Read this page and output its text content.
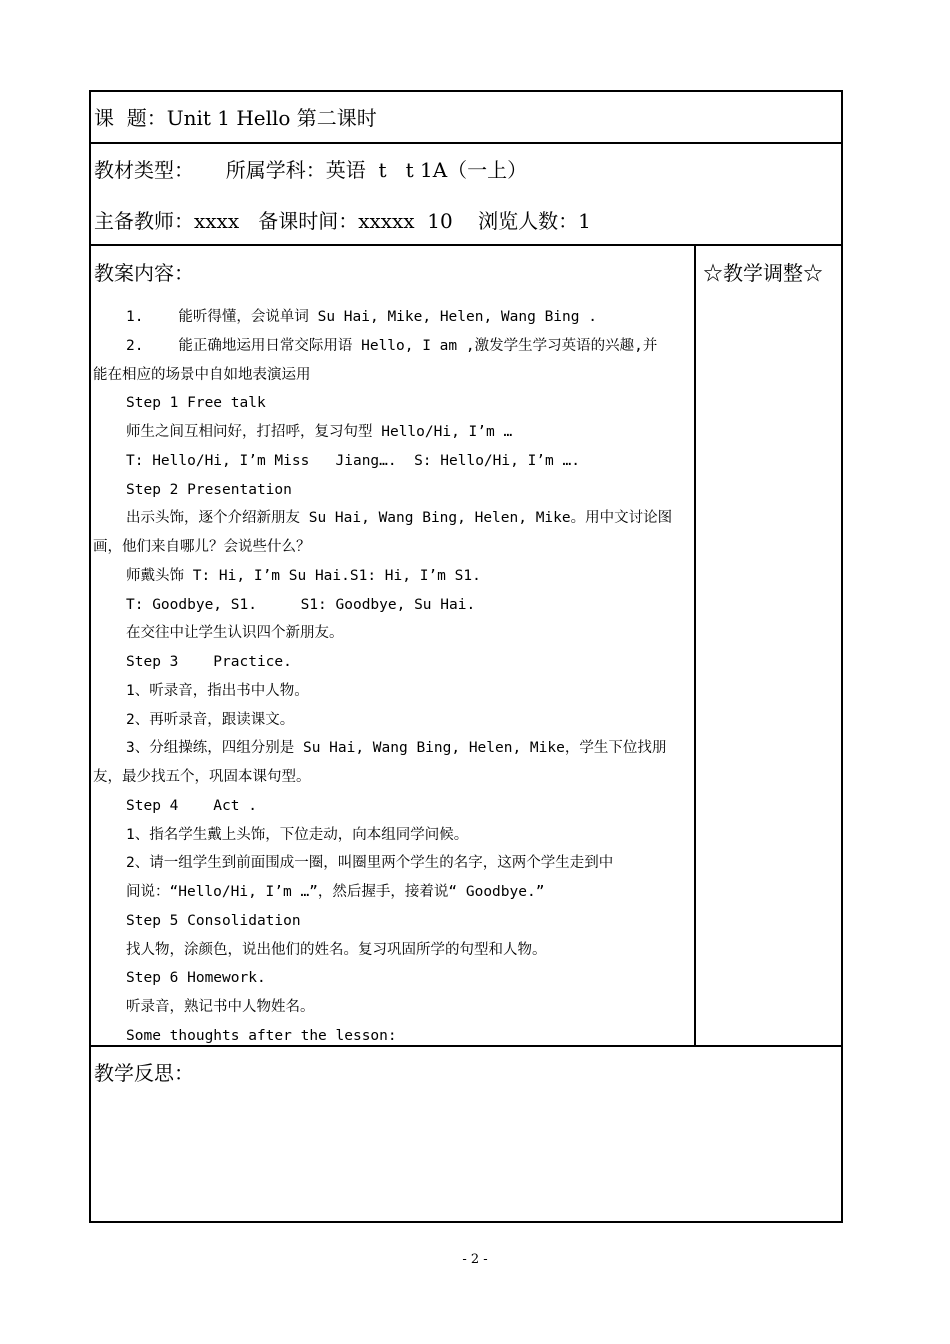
课  题：Unit 1 Hello 第二课时
教材类型：     所属学科：英语  t   t 1A（一上）
主备教师：xxxx   备课时间：xxxxx  10    浏览人数：1
教案内容：	☆教学调整☆
1.    能听得懂，会说单词 Su Hai, Mike, Helen, Wang Bing .
2.    能正确地运用日常交际用语 Hello, I am ,激发学生学习英语的兴趣,并
能在相应的场景中自如地表演运用
Step 1 Free talk
师生之间互相问好，打招呼，复习句型 Hello/Hi, I’m …
T: Hello/Hi, I’m Miss   Jiang….  S: Hello/Hi, I’m ….
Step 2 Presentation
出示头饰，逐个介绍新朋友 Su Hai, Wang Bing, Helen, Mike。用中文讨论图
画，他们来自哪儿？会说些什么？
师戴头饰 T: Hi, I’m Su Hai.S1: Hi, I’m S1.
T: Goodbye, S1.     S1: Goodbye, Su Hai.
在交往中让学生认识四个新朋友。
Step 3    Practice.
1、听录音，指出书中人物。
2、再听录音，跟读课文。
3、分组操练，四组分别是 Su Hai, Wang Bing, Helen, Mike，学生下位找朋
友，最少找五个，巩固本课句型。
Step 4    Act .
1、指名学生戴上头饰，下位走动，向本组同学问候。
2、请一组学生到前面围成一圈，叫圈里两个学生的名字，这两个学生走到中
间说：“Hello/Hi, I’m …”，然后握手，接着说“ Goodbye.”
Step 5 Consolidation
找人物，涂颜色，说出他们的姓名。复习巩固所学的句型和人物。
Step 6 Homework.
听录音，熟记书中人物姓名。
Some thoughts after the lesson:
教学反思：
- 2 -
